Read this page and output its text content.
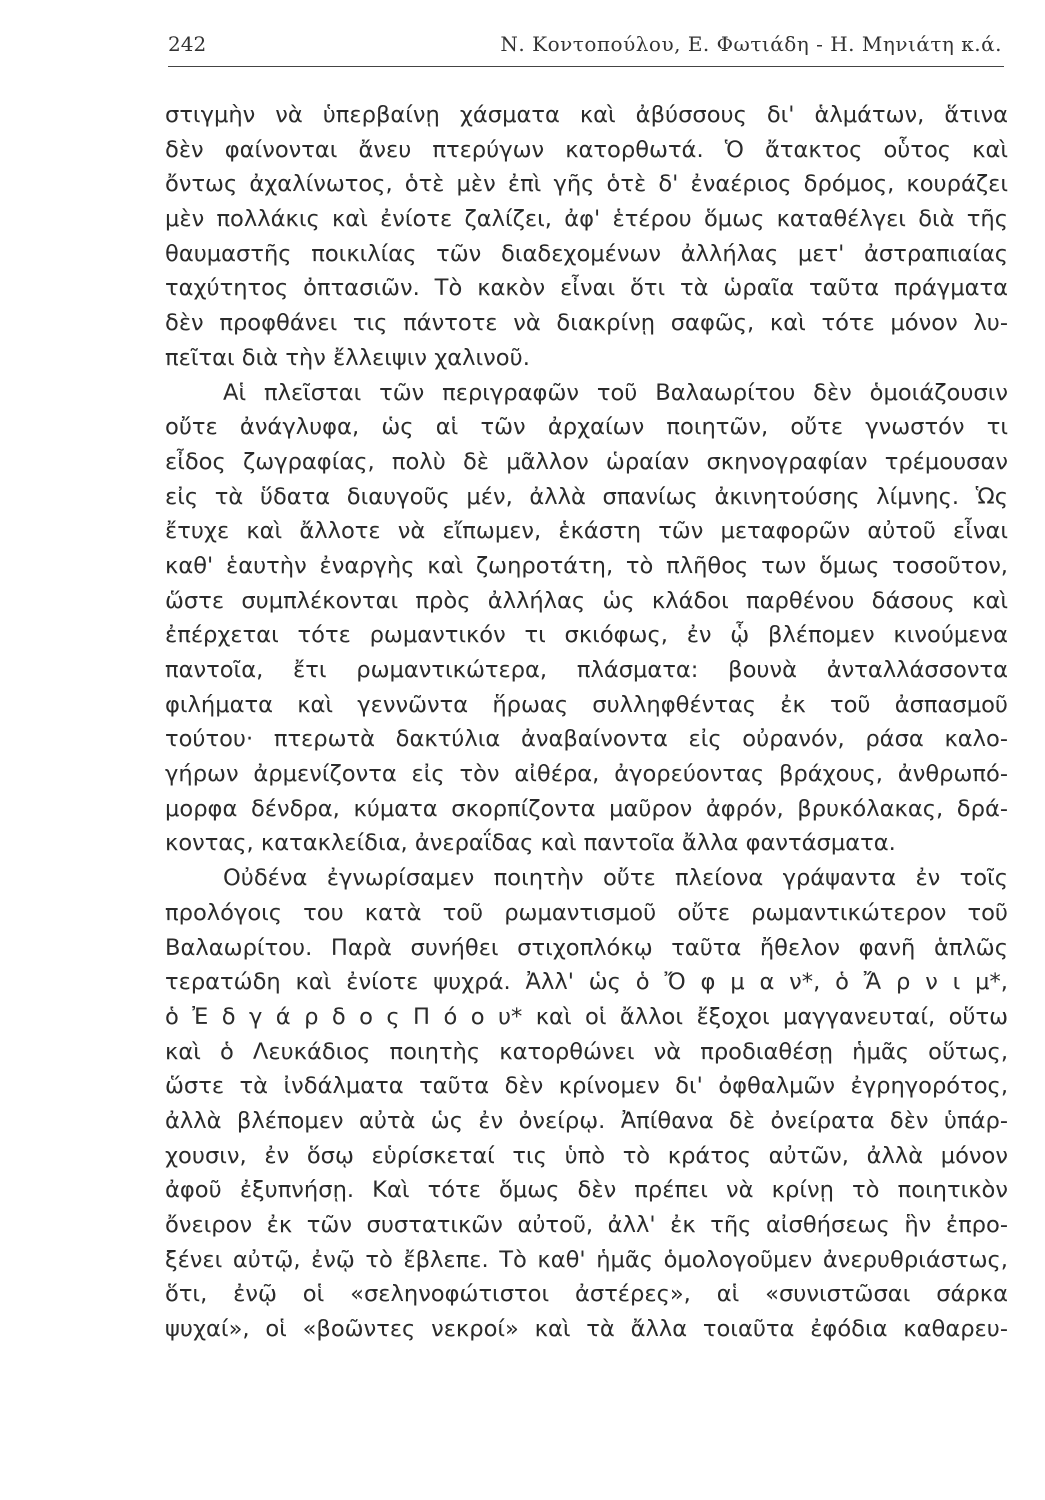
242	Ν. Κοντοπούλου, Ε. Φωτιάδη - Η. Μηνιάτη κ.ά.
στιγμὴν νὰ ὑπερβαίνῃ χάσματα καὶ ἀβύσσους δι' ἁλμάτων, ἅτινα
δὲν φαίνονται ἄνευ πτερύγων κατορθωτά. Ὁ ἄτακτος οὗτος καὶ
ὄντως ἀχαλίνωτος, ὁτὲ μὲν ἐπὶ γῆς ὁτὲ δ' ἐναέριος δρόμος, κουράζει
μὲν πολλάκις καὶ ἐνίοτε ζαλίζει, ἀφ' ἑτέρου ὅμως καταθέλγει διὰ τῆς
θαυμαστῆς ποικιλίας τῶν διαδεχομένων ἀλλήλας μετ' ἀστραπιαίας
ταχύτητος ὀπτασιῶν. Τὸ κακὸν εἶναι ὅτι τὰ ὡραῖα ταῦτα πράγματα
δὲν προφθάνει τις πάντοτε νὰ διακρίνῃ σαφῶς, καὶ τότε μόνον λυ-
πεῖται διὰ τὴν ἔλλειψιν χαλινοῦ.
Αἱ πλεῖσται τῶν περιγραφῶν τοῦ Βαλαωρίτου δὲν ὁμοιάζουσιν
οὔτε ἀνάγλυφα, ὡς αἱ τῶν ἀρχαίων ποιητῶν, οὔτε γνωστόν τι
εἶδος ζωγραφίας, πολὺ δὲ μᾶλλον ὡραίαν σκηνογραφίαν τρέμουσαν
εἰς τὰ ὕδατα διαυγοῦς μέν, ἀλλὰ σπανίως ἀκινητούσης λίμνης. Ὡς
ἔτυχε καὶ ἄλλοτε νὰ εἴπωμεν, ἑκάστη τῶν μεταφορῶν αὐτοῦ εἶναι
καθ' ἑαυτὴν ἐναργὴς καὶ ζωηροτάτη, τὸ πλῆθος των ὅμως τοσοῦτον,
ὥστε συμπλέκονται πρὸς ἀλλήλας ὡς κλάδοι παρθένου δάσους καὶ
ἐπέρχεται τότε ρωμαντικόν τι σκιόφως, ἐν ᾧ βλέπομεν κινούμενα
παντοῖα, ἔτι ρωμαντικώτερα, πλάσματα: βουνὰ ἀνταλλάσσοντα
φιλήματα καὶ γεννῶντα ἥρωας συλληφθέντας ἐκ τοῦ ἀσπασμοῦ
τούτου· πτερωτὰ δακτύλια ἀναβαίνοντα εἰς οὐρανόν, ράσα καλο-
γήρων ἀρμενίζοντα εἰς τὸν αἰθέρα, ἀγορεύοντας βράχους, ἀνθρωπό-
μορφα δένδρα, κύματα σκορπίζοντα μαῦρον ἀφρόν, βρυκόλακας, δρά-
κοντας, κατακλείδια, ἀνεραΐδας καὶ παντοῖα ἄλλα φαντάσματα.
Οὐδένα ἐγνωρίσαμεν ποιητὴν οὔτε πλείονα γράψαντα ἐν τοῖς
προλόγοις του κατὰ τοῦ ρωμαντισμοῦ οὔτε ρωμαντικώτερον τοῦ
Βαλαωρίτου. Παρὰ συνήθει στιχοπλόκῳ ταῦτα ἤθελον φανῆ ἁπλῶς
τερατώδη καὶ ἐνίοτε ψυχρά. Ἀλλ' ὡς ὁ Ὄ φ μ α ν*, ὁ Ἄ ρ ν ι μ*,
ὁ Ἐ δ γ ά ρ δ ο ς Π ό ο υ* καὶ οἱ ἄλλοι ἔξοχοι μαγγανευταί, οὕτω
καὶ ὁ Λευκάδιος ποιητὴς κατορθώνει νὰ προδιαθέσῃ ἡμᾶς οὕτως,
ὥστε τὰ ἰνδάλματα ταῦτα δὲν κρίνομεν δι' ὀφθαλμῶν ἐγρηγορότος,
ἀλλὰ βλέπομεν αὐτὰ ὡς ἐν ὀνείρῳ. Ἀπίθανα δὲ ὀνείρατα δὲν ὑπάρ-
χουσιν, ἐν ὅσῳ εὑρίσκεταί τις ὑπὸ τὸ κράτος αὐτῶν, ἀλλὰ μόνον
ἀφοῦ ἐξυπνήσῃ. Καὶ τότε ὅμως δὲν πρέπει νὰ κρίνῃ τὸ ποιητικὸν
ὄνειρον ἐκ τῶν συστατικῶν αὐτοῦ, ἀλλ' ἐκ τῆς αἰσθήσεως ἣν ἐπρο-
ξένει αὐτῷ, ἐνῷ τὸ ἔβλεπε. Τὸ καθ' ἡμᾶς ὁμολογοῦμεν ἀνερυθριάστως,
ὅτι, ἐνῷ οἱ «σεληνοφώτιστοι ἀστέρες», αἱ «συνιστῶσαι σάρκα
ψυχαί», οἱ «βοῶντες νεκροί» καὶ τὰ ἄλλα τοιαῦτα ἐφόδια καθαρευ-
